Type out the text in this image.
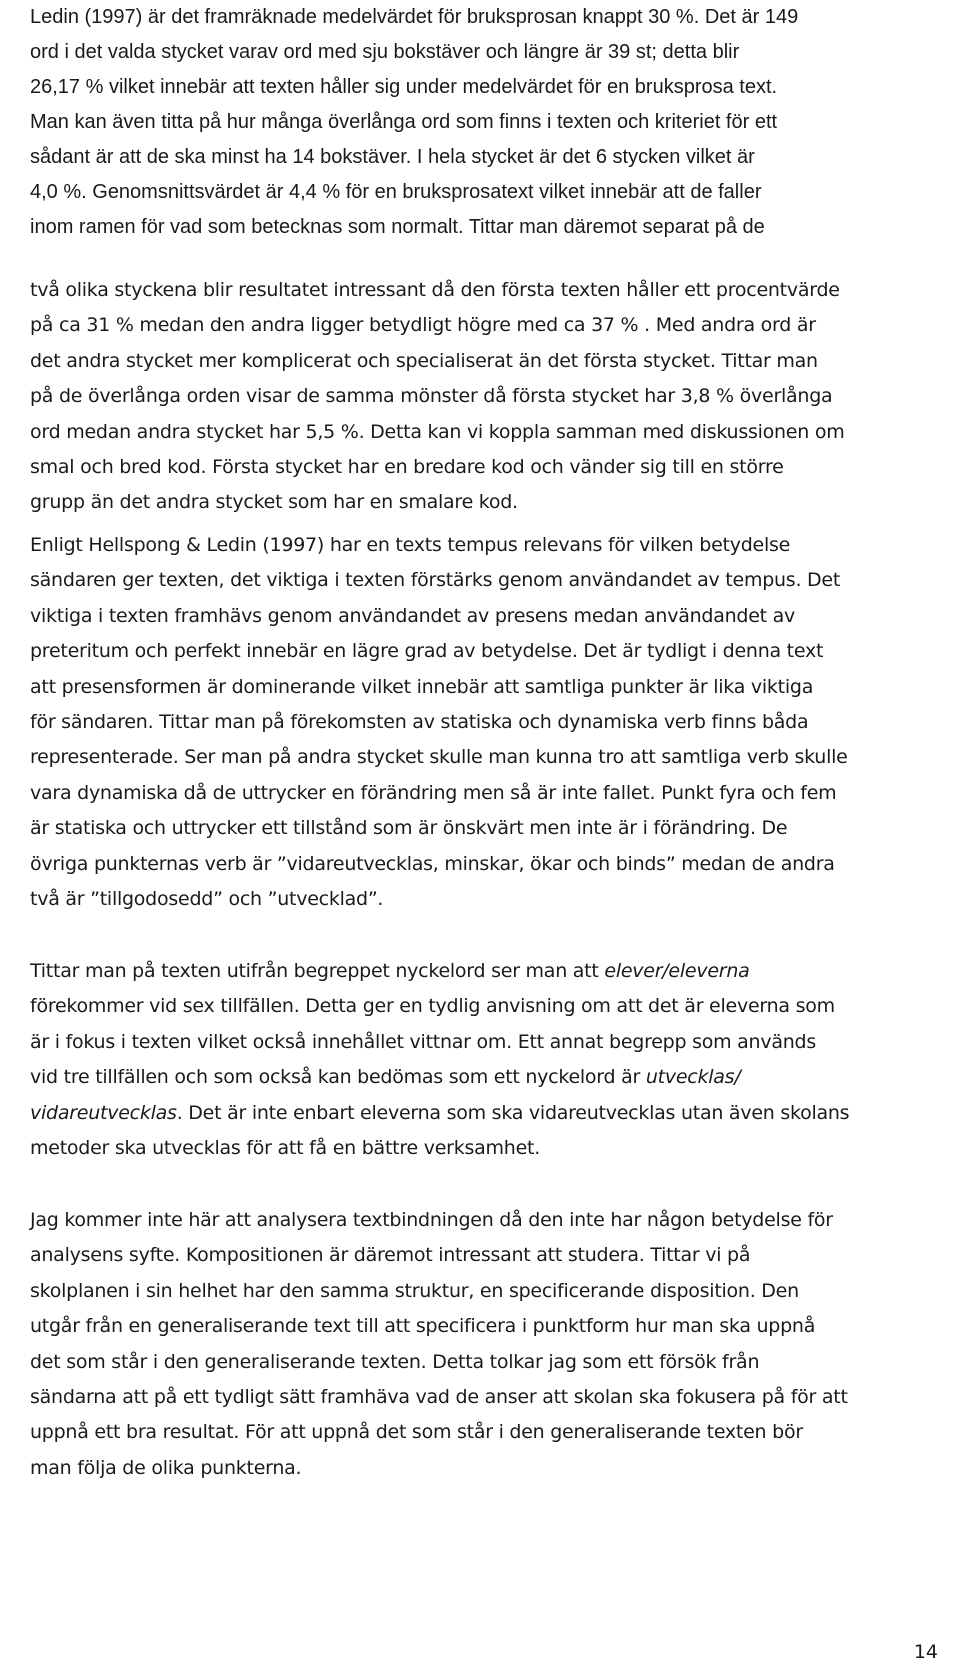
Ledin (1997) är det framräknade medelvärdet för bruksprosan knappt 30 %. Det är 149
ord i det valda stycket varav ord med sju bokstäver och längre är 39 st; detta blir
26,17 % vilket innebär att texten håller sig under medelvärdet för en bruksprosa text.
Man kan även titta på hur många överlånga ord som finns i texten och kriteriet för ett
sådant är att de ska minst ha 14 bokstäver. I hela stycket är det 6 stycken vilket är
4,0 %. Genomsnittsvärdet är 4,4 % för en bruksprosatext vilket innebär att de faller
inom ramen för vad som betecknas som normalt. Tittar man däremot separat på de

två olika styckena blir resultatet intressant då den första texten håller ett procentvärde
på ca 31 % medan den andra ligger betydligt högre med ca 37 % . Med andra ord är
det andra stycket mer komplicerat och specialiserat än det första stycket. Tittar man
på de överlånga orden visar de samma mönster då första stycket har 3,8 % överlånga
ord medan andra stycket har 5,5 %. Detta kan vi koppla samman med diskussionen om
smal och bred kod. Första stycket har en bredare kod och vänder sig till en större
grupp än det andra stycket som har en smalare kod.

Enligt Hellspong & Ledin (1997) har en texts tempus relevans för vilken betydelse
sändaren ger texten, det viktiga i texten förstärks genom användandet av tempus. Det
viktiga i texten framhävs genom användandet av presens medan användandet av
preteritum och perfekt innebär en lägre grad av betydelse. Det är tydligt i denna text
att presensformen är dominerande vilket innebär att samtliga punkter är lika viktiga
för sändaren. Tittar man på förekomsten av statiska och dynamiska verb finns båda
representerade. Ser man på andra stycket skulle man kunna tro att samtliga verb skulle
vara dynamiska då de uttrycker en förändring men så är inte fallet. Punkt fyra och fem
är statiska och uttrycker ett tillstånd som är önskvärt men inte är i förändring. De
övriga punkternas verb är ”vidareutvecklas, minskar, ökar och binds” medan de andra
två är ”tillgodosedd” och ”utvecklad”.

Tittar man på texten utifrån begreppet nyckelord ser man att elever/eleverna
förekommer vid sex tillfällen. Detta ger en tydlig anvisning om att det är eleverna som
är i fokus i texten vilket också innehållet vittnar om. Ett annat begrepp som används
vid tre tillfällen och som också kan bedömas som ett nyckelord är utvecklas/
vidareutvecklas. Det är inte enbart eleverna som ska vidareutvecklas utan även skolans
metoder ska utvecklas för att få en bättre verksamhet.

Jag kommer inte här att analysera textbindningen då den inte har någon betydelse för
analysens syfte. Kompositionen är däremot intressant att studera. Tittar vi på
skolplanen i sin helhet har den samma struktur, en specificerande disposition. Den
utgår från en generaliserande text till att specificera i punktform hur man ska uppnå
det som står i den generaliserande texten. Detta tolkar jag som ett försök från
sändarna att på ett tydligt sätt framhäva vad de anser att skolan ska fokusera på för att
uppnå ett bra resultat. För att uppnå det som står i den generaliserande texten bör
man följa de olika punkterna.

14
